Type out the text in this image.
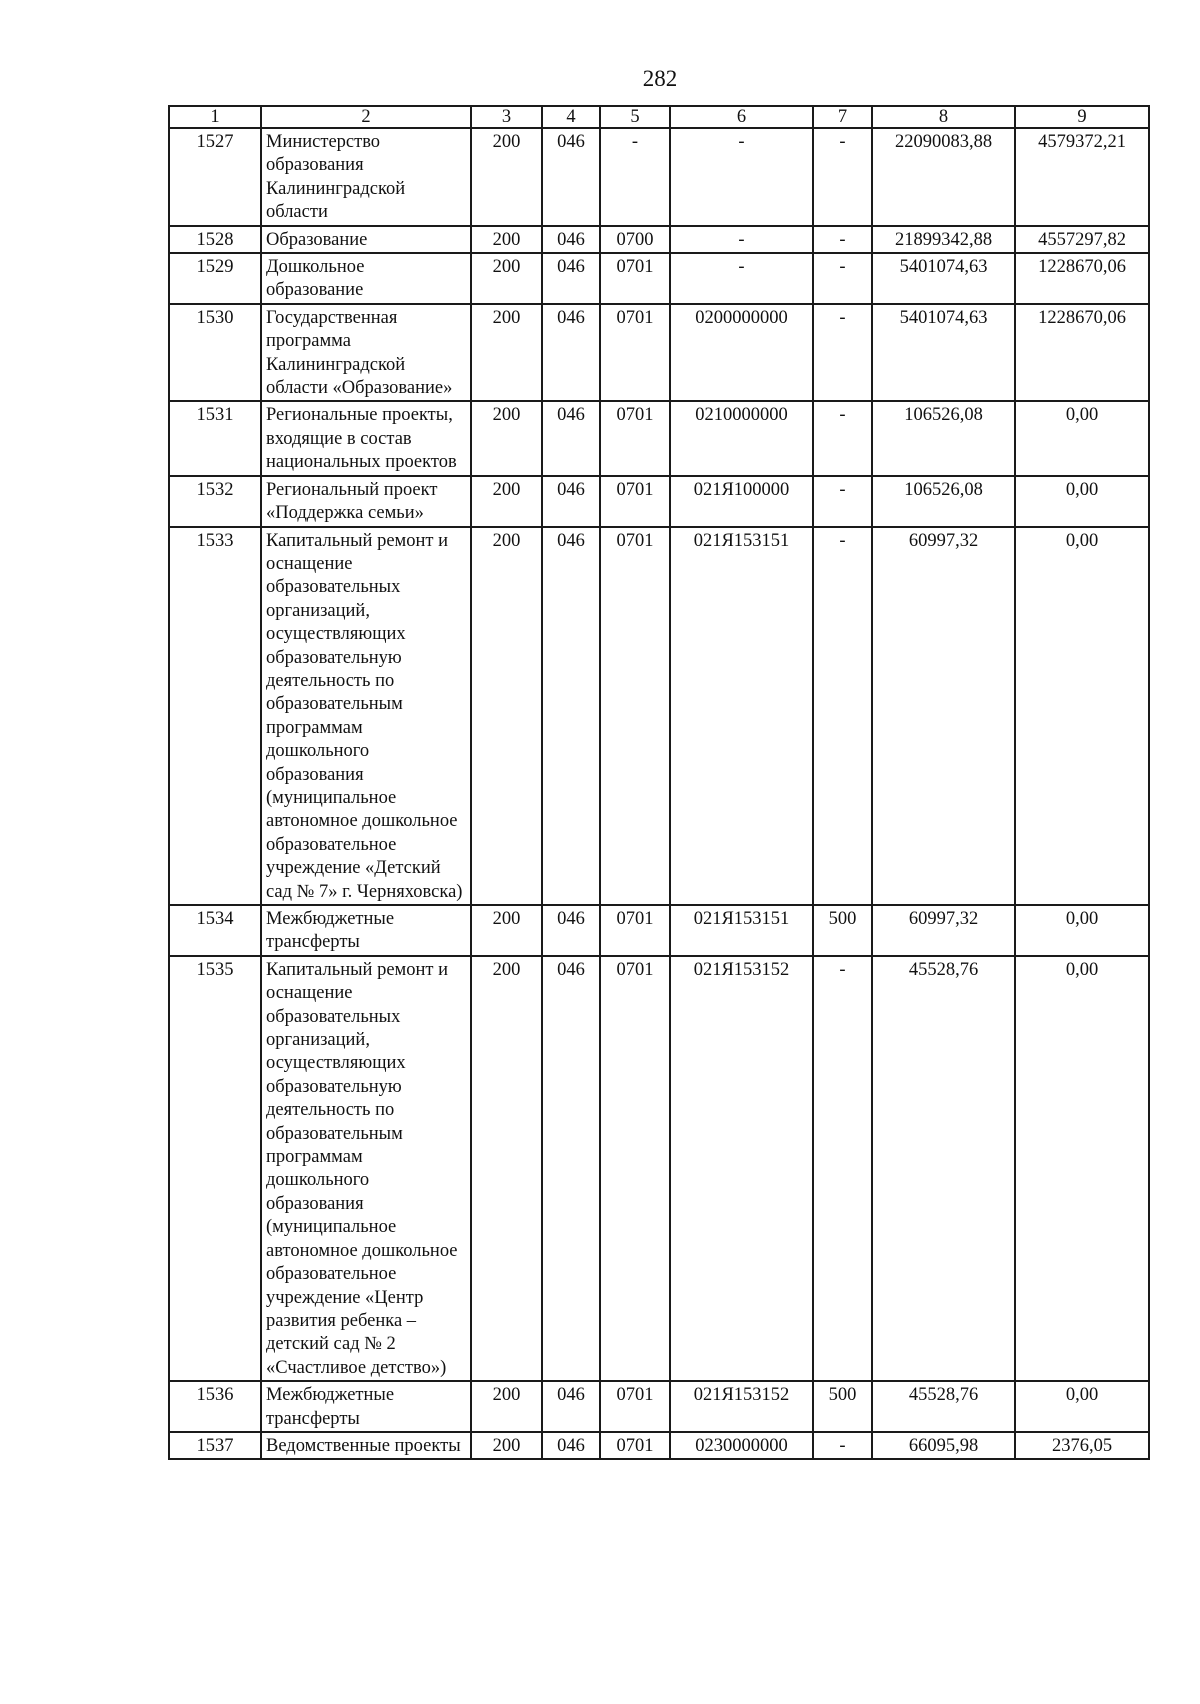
282
1	2	3	4	5	6	7	8	9
1527	Министерство образования Калининградской области	200	046	-	-	-	22090083,88	4579372,21
1528	Образование	200	046	0700	-	-	21899342,88	4557297,82
1529	Дошкольное образование	200	046	0701	-	-	5401074,63	1228670,06
1530	Государственная программа Калининградской области «Образование»	200	046	0701	0200000000	-	5401074,63	1228670,06
1531	Региональные проекты, входящие в состав национальных проектов	200	046	0701	0210000000	-	106526,08	0,00
1532	Региональный проект «Поддержка семьи»	200	046	0701	021Я100000	-	106526,08	0,00
1533	Капитальный ремонт и оснащение образовательных организаций, осуществляющих образовательную деятельность по образовательным программам дошкольного образования (муниципальное автономное дошкольное образовательное учреждение «Детский сад № 7» г. Черняховска)	200	046	0701	021Я153151	-	60997,32	0,00
1534	Межбюджетные трансферты	200	046	0701	021Я153151	500	60997,32	0,00
1535	Капитальный ремонт и оснащение образовательных организаций, осуществляющих образовательную деятельность по образовательным программам дошкольного образования (муниципальное автономное дошкольное образовательное учреждение «Центр развития ребенка – детский сад № 2 «Счастливое детство»)	200	046	0701	021Я153152	-	45528,76	0,00
1536	Межбюджетные трансферты	200	046	0701	021Я153152	500	45528,76	0,00
1537	Ведомственные проекты	200	046	0701	0230000000	-	66095,98	2376,05
